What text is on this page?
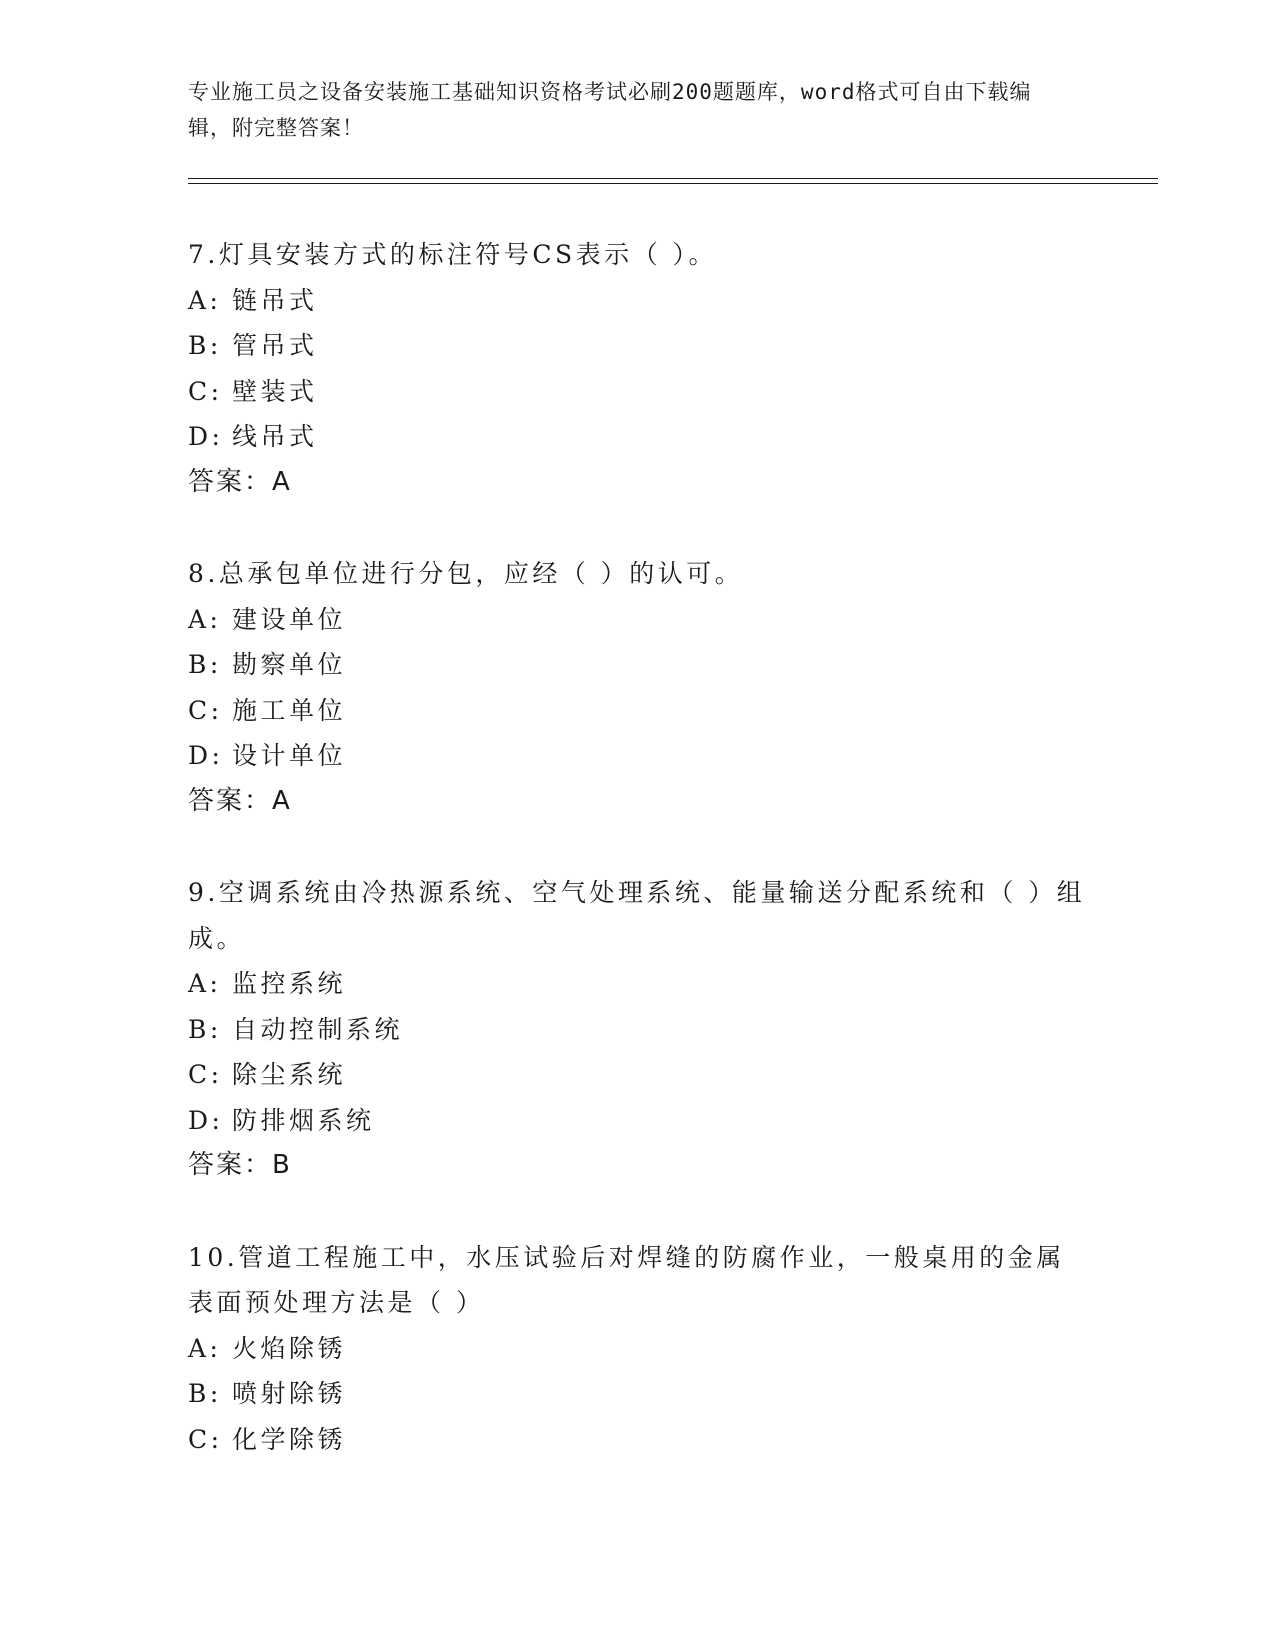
专业施工员之设备安装施工基础知识资格考试必刷200题题库，word格式可自由下载编辑，附完整答案！

7.灯具安装方式的标注符号CS表示（ ）。

A: 链吊式
B: 管吊式
C: 壁装式
D: 线吊式
答案：A

8.总承包单位进行分包，应经（ ）的认可。

A: 建设单位
B: 勘察单位
C: 施工单位
D: 设计单位
答案：A

9.空调系统由冷热源系统、空气处理系统、能量输送分配系统和（ ）组成。

A: 监控系统
B: 自动控制系统
C: 除尘系统
D: 防排烟系统
答案：B

10.管道工程施工中，水压试验后对焊缝的防腐作业，一般桌用的金属表面预处理方法是（ ）

A: 火焰除锈
B: 喷射除锈
C: 化学除锈
